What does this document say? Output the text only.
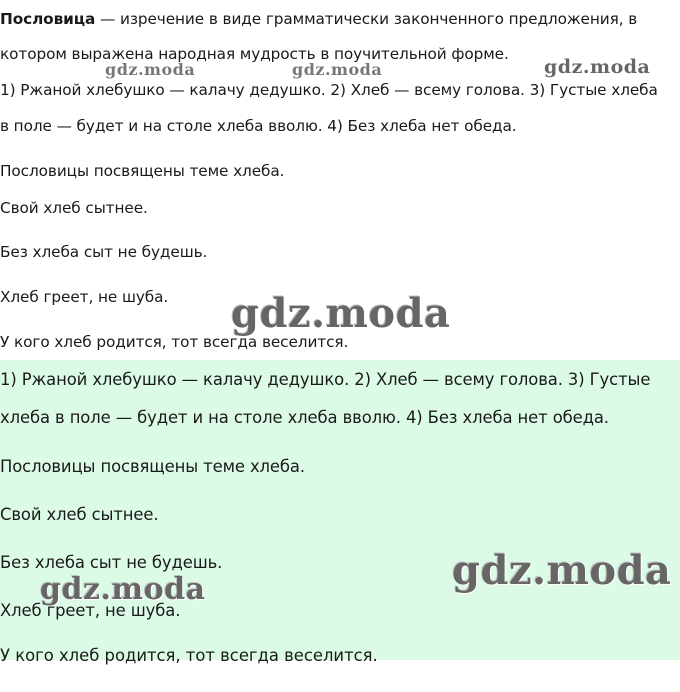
Пословица — изречение в виде грамматически законченного предложения, в
котором выражена народная мудрость в поучительной форме.
1) Ржаной хлебушко — калачу дедушко. 2) Хлеб — всему голова. 3) Густые хлеба
в поле — будет и на столе хлеба вволю. 4) Без хлеба нет обеда.
Пословицы посвящены теме хлеба.
Свой хлеб сытнее.
Без хлеба сыт не будешь.
Хлеб греет, не шуба.
У кого хлеб родится, тот всегда веселится.
1) Ржаной хлебушко — калачу дедушко. 2) Хлеб — всему голова. 3) Густые
хлеба в поле — будет и на столе хлеба вволю. 4) Без хлеба нет обеда.
Пословицы посвящены теме хлеба.
Свой хлеб сытнее.
Без хлеба сыт не будешь.
Хлеб греет, не шуба.
У кого хлеб родится, тот всегда веселится.
gdz.moda	gdz.moda	gdz.moda
gdz.moda
gdz.moda
gdz.moda
